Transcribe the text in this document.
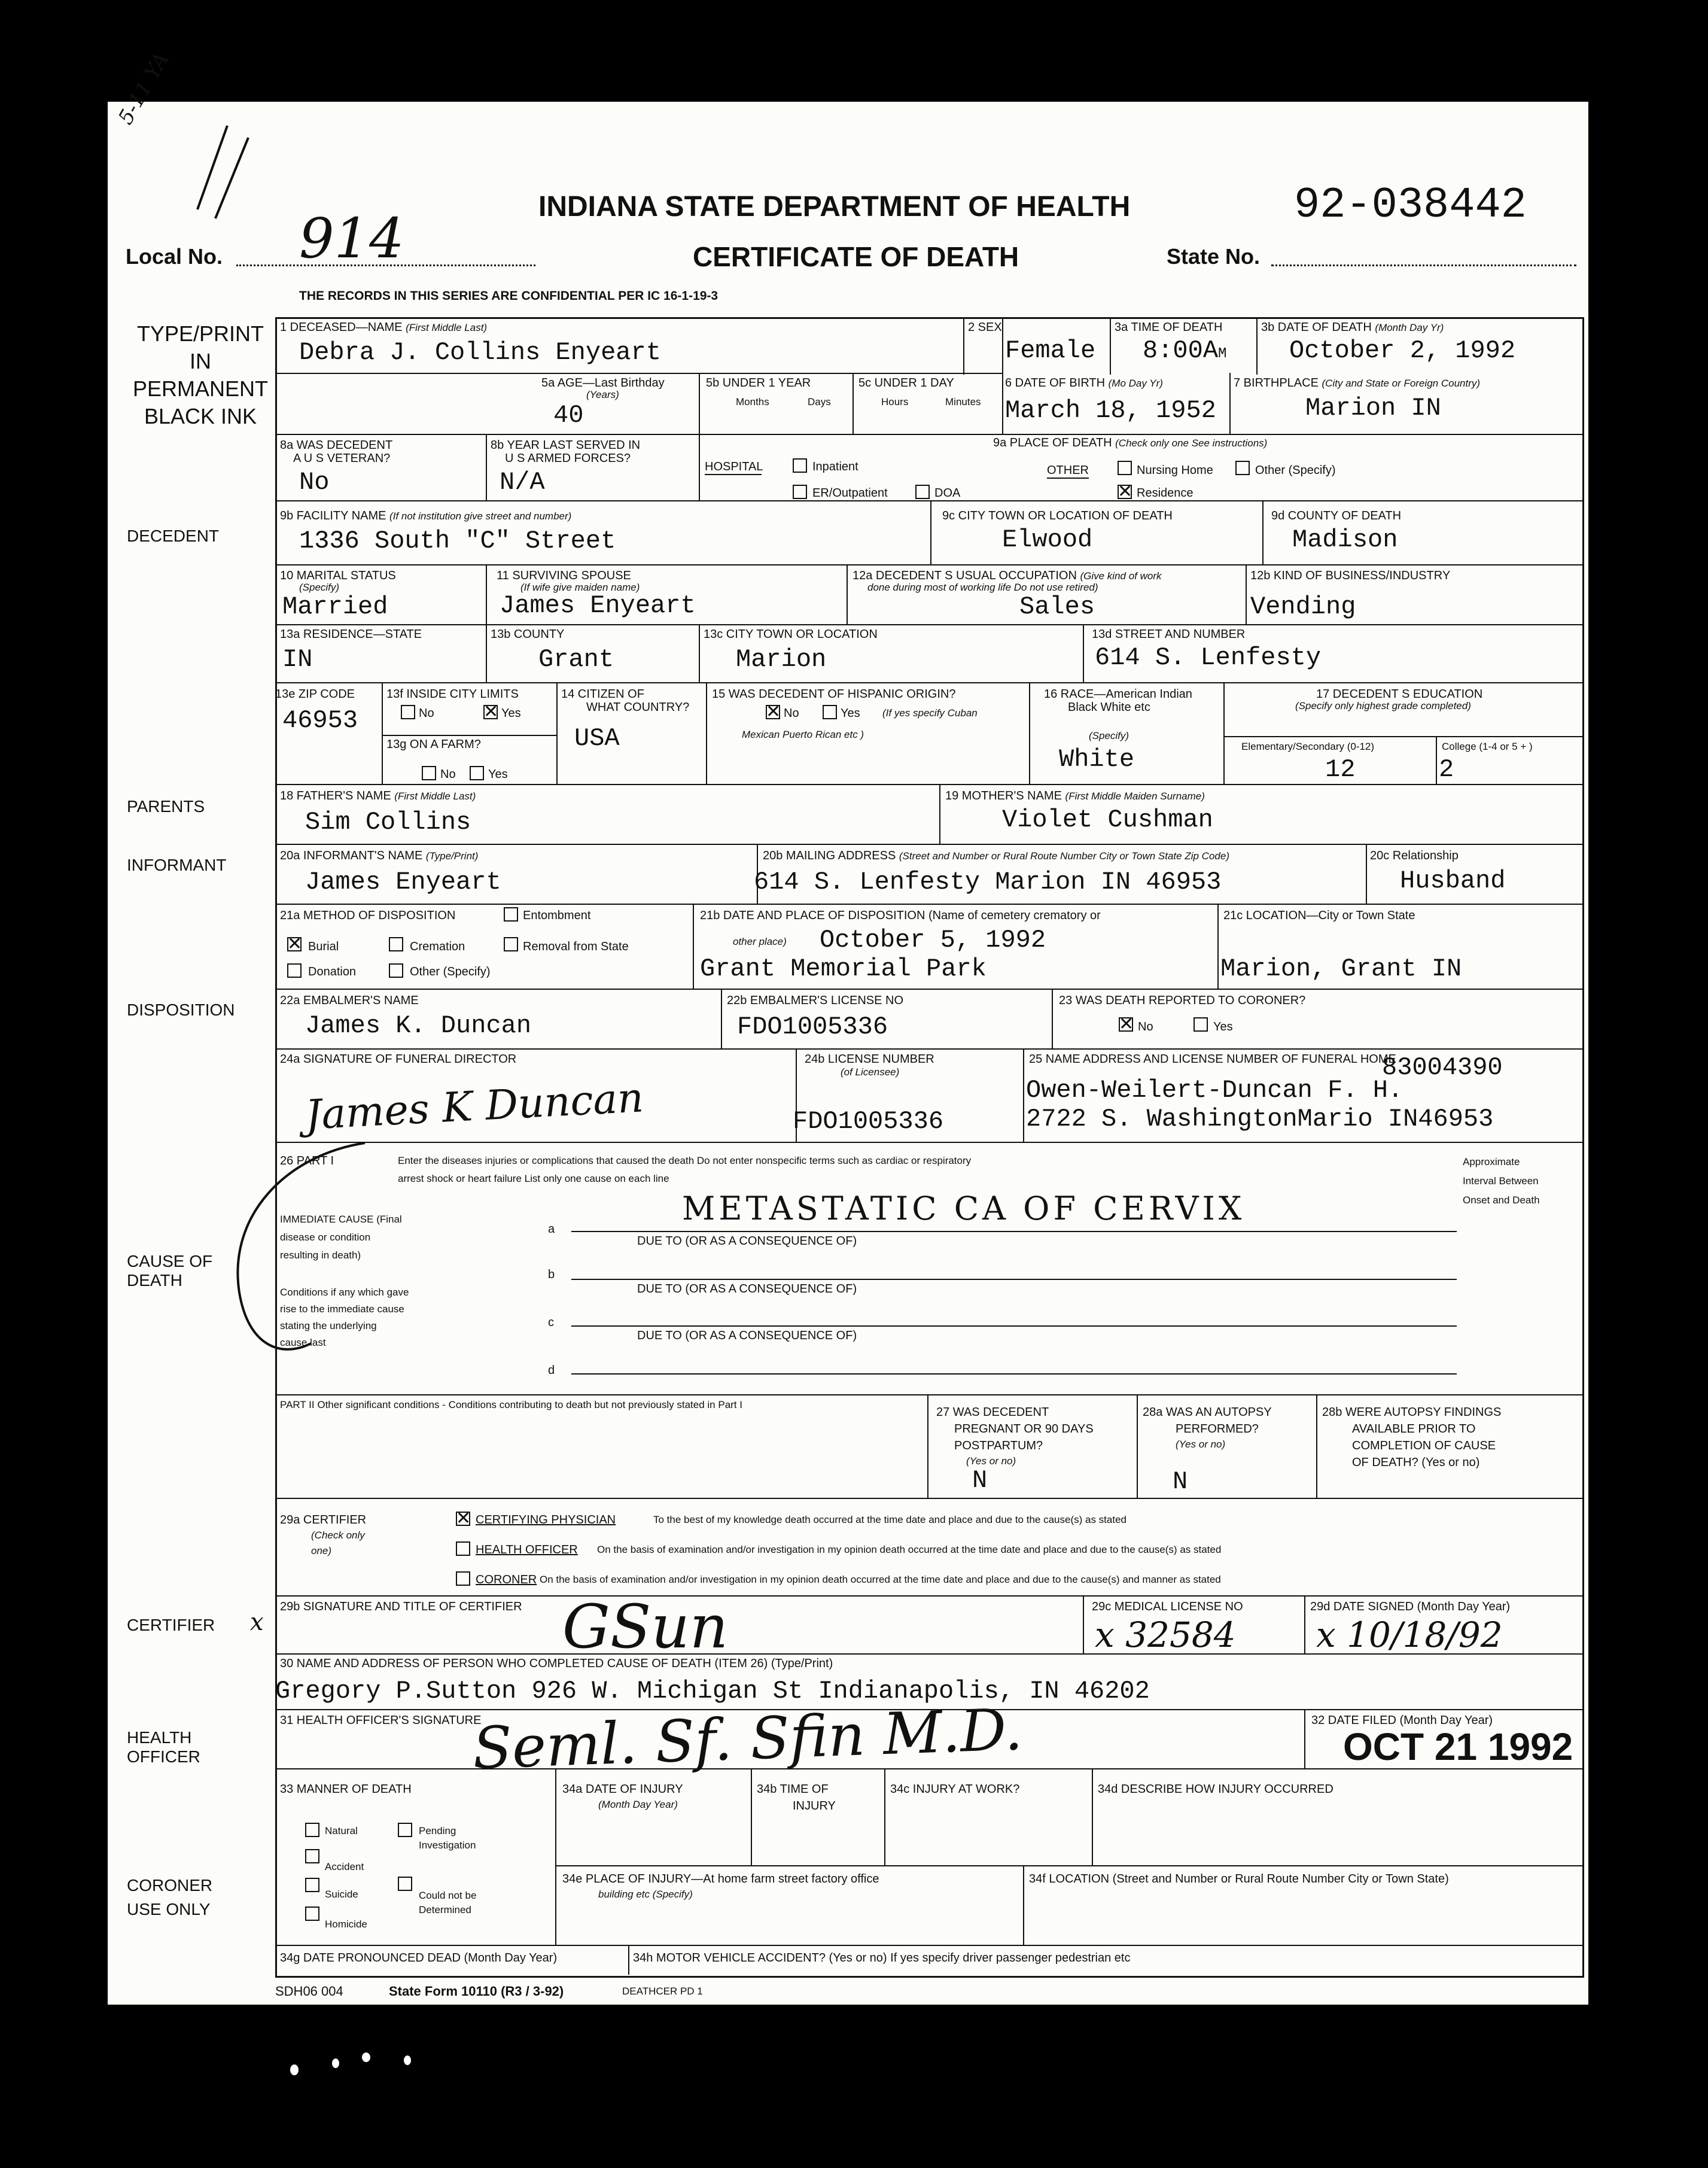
5-11 YA
Local No. 914	INDIANA STATE DEPARTMENT OF HEALTH
CERTIFICATE OF DEATH
92-038442
State No.
THE RECORDS IN THIS SERIES ARE CONFIDENTIAL PER IC 16-1-19-3
TYPE/PRINT
IN
PERMANENT
BLACK INK
DECEDENT
PARENTS
INFORMANT
DISPOSITION
CAUSE OF
DEATH
CERTIFIER x
HEALTH
OFFICER
CORONER
USE ONLY
1 DECEASED—NAME (First Middle Last)
Debra J. Collins Enyeart
2 SEX
Female
3a TIME OF DEATH
8:00AM
3b DATE OF DEATH (Month Day Yr)
October 2, 1992
5a AGE—Last Birthday
(Years)
40
5b UNDER 1 YEAR
Months	Days
5c UNDER 1 DAY
Hours	Minutes
6 DATE OF BIRTH (Mo Day Yr)
March 18, 1952
7 BIRTHPLACE (City and State or Foreign Country)
Marion IN
8a WAS DECEDENT
A U S VETERAN?
No
8b YEAR LAST SERVED IN
U S ARMED FORCES?
N/A
9a PLACE OF DEATH (Check only one See instructions)
HOSPITAL	Inpatient
ER/Outpatient	DOA
OTHER	Nursing Home	Other (Specify)
✕
Residence
9b FACILITY NAME (If not institution give street and number)
1336 South "C" Street
9c CITY TOWN OR LOCATION OF DEATH
Elwood
9d COUNTY OF DEATH
Madison
10 MARITAL STATUS
(Specify)
Married
11 SURVIVING SPOUSE
(If wife give maiden name)
James Enyeart
12a DECEDENT S USUAL OCCUPATION (Give kind of work
done during most of working life Do not use retired)
Sales
12b KIND OF BUSINESS/INDUSTRY
Vending
13a RESIDENCE—STATE
IN
13b COUNTY
Grant
13c CITY TOWN OR LOCATION
Marion
13d STREET AND NUMBER
614 S. Lenfesty
13e ZIP CODE
46953
13f INSIDE CITY LIMITS
No
✕	Yes
13g ON A FARM?
No	Yes
14 CITIZEN OF
WHAT COUNTRY?
USA
15 WAS DECEDENT OF HISPANIC ORIGIN?
✕
No	Yes (If yes specify Cuban
Mexican Puerto Rican etc )
16 RACE—American Indian
Black White etc
(Specify)
White
17 DECEDENT S EDUCATION
(Specify only highest grade completed)
Elementary/Secondary (0-12)
12
College (1-4 or 5 + )
2
18 FATHER'S NAME (First Middle Last)
Sim Collins
19 MOTHER'S NAME (First Middle Maiden Surname)
Violet Cushman
20a INFORMANT'S NAME (Type/Print)
James Enyeart
20b MAILING ADDRESS (Street and Number or Rural Route Number City or Town State Zip Code)
614 S. Lenfesty Marion IN 46953
20c Relationship
Husband
21a METHOD OF DISPOSITION	Entombment
✕
Burial	Cremation	Removal from State
Donation	Other (Specify)
21b DATE AND PLACE OF DISPOSITION (Name of cemetery crematory or
other place) October 5, 1992
Grant Memorial Park
21c LOCATION—City or Town State
Marion, Grant IN
22a EMBALMER'S NAME
James K. Duncan
22b EMBALMER'S LICENSE NO
FDO1005336
23 WAS DEATH REPORTED TO CORONER?
✕
No	Yes
24a SIGNATURE OF FUNERAL DIRECTOR
James K Duncan
24b LICENSE NUMBER
(of Licensee)
FDO1005336
25 NAME ADDRESS AND LICENSE NUMBER OF FUNERAL HOME
83004390
Owen-Weilert-Duncan F. H.
2722 S. WashingtonMario IN46953
26 PART I	Enter the diseases injuries or complications that caused the death Do not enter nonspecific terms such as cardiac or respiratory
arrest shock or heart failure List only one cause on each line
Approximate
Interval Between
Onset and Death
IMMEDIATE CAUSE (Final
disease or condition
resulting in death)
Conditions if any which gave
rise to the immediate cause
stating the underlying
cause last
a
METASTATIC CA OF CERVIX
DUE TO (OR AS A CONSEQUENCE OF)
b
DUE TO (OR AS A CONSEQUENCE OF)
c
DUE TO (OR AS A CONSEQUENCE OF)
d
PART II Other significant conditions - Conditions contributing to death but not previously stated in Part I
27 WAS DECEDENT
PREGNANT OR 90 DAYS
POSTPARTUM?
(Yes or no)
N
28a WAS AN AUTOPSY
PERFORMED?
(Yes or no)
N
28b WERE AUTOPSY FINDINGS
AVAILABLE PRIOR TO
COMPLETION OF CAUSE
OF DEATH? (Yes or no)
29a CERTIFIER
(Check only
one)
✕
CERTIFYING PHYSICIAN	To the best of my knowledge death occurred at the time date and place and due to the cause(s) as stated
HEALTH OFFICER On the basis of examination and/or investigation in my opinion death occurred at the time date and place and due to the cause(s) as stated
CORONER On the basis of examination and/or investigation in my opinion death occurred at the time date and place and due to the cause(s) and manner as stated
29b SIGNATURE AND TITLE OF CERTIFIER GSun	29c MEDICAL LICENSE NO
x 32584
29d DATE SIGNED (Month Day Year)
x 10/18/92
30 NAME AND ADDRESS OF PERSON WHO COMPLETED CAUSE OF DEATH (ITEM 26) (Type/Print)
Gregory P.Sutton 926 W. Michigan St Indianapolis, IN 46202
31 HEALTH OFFICER'S SIGNATURE
Seml. Sf. Sfin M.D.	32 DATE FILED (Month Day Year)
OCT 21 1992
33 MANNER OF DEATH
Natural	Pending
Investigation
Accident
Suicide	Could not be
Determined
Homicide
34a DATE OF INJURY
(Month Day Year)
34b TIME OF
INJURY
34c INJURY AT WORK?	34d DESCRIBE HOW INJURY OCCURRED
34e PLACE OF INJURY—At home farm street factory office
building etc (Specify)
34f LOCATION (Street and Number or Rural Route Number City or Town State)
34g DATE PRONOUNCED DEAD (Month Day Year)	34h MOTOR VEHICLE ACCIDENT? (Yes or no) If yes specify driver passenger pedestrian etc
SDH06 004	State Form 10110 (R3 / 3-92)	DEATHCER PD 1
